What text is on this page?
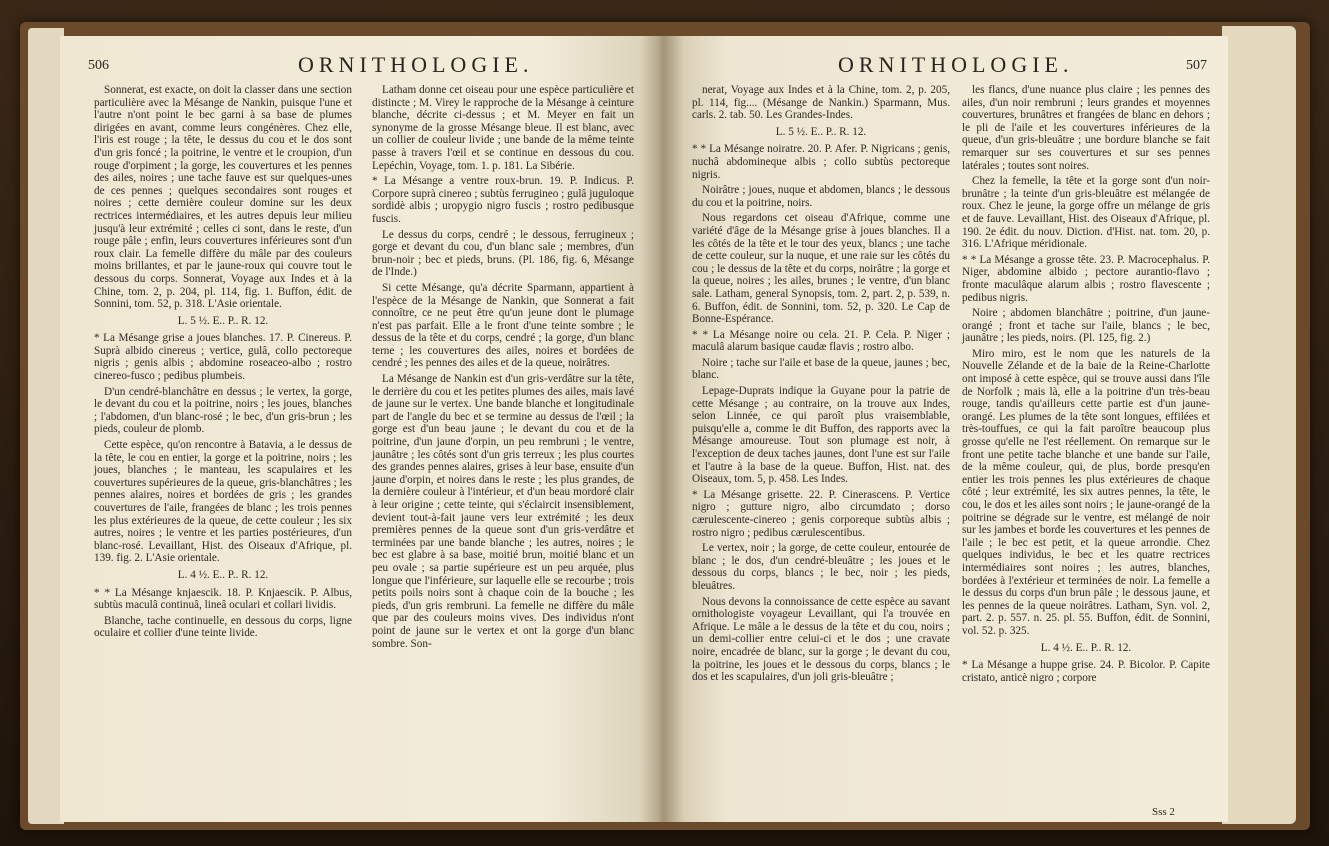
506	ORNITHOLOGIE.	507
ORNITHOLOGIE.

Sonnerat, est exacte, on doit la classer dans une section particulière avec la Mésange de Nankin, puisque l'une et l'autre n'ont point le bec garni à sa base de plumes dirigées en avant, comme leurs congénères. Chez elle, l'iris est rouge ; la tête, le dessus du cou et le dos sont d'un gris foncé ; la poitrine, le ventre et le croupion, d'un rouge d'orpiment ; la gorge, les couvertures et les pennes des ailes, noires ; une tache fauve est sur quelques-unes de ces pennes ; quelques secondaires sont rouges et noires ; cette dernière couleur domine sur les deux rectrices intermédiaires, et les autres depuis leur milieu jusqu'à leur extrémité ; celles ci sont, dans le reste, d'un rouge pâle ; enfin, leurs couvertures inférieures sont d'un roux clair. La femelle diffère du mâle par des couleurs moins brillantes, et par le jaune-roux qui couvre tout le dessous du corps. Sonnerat, Voyage aux Indes et à la Chine, tom. 2, p. 204, pl. 114, fig. 1. Buffon, édit. de Sonnini, tom. 52, p. 318. L'Asie orientale.

L. 5 ½. E.. P.. R. 12.

* La Mésange grise a joues blanches. 17. P. Cinereus. P. Suprà albido cinereus ; vertice, gulâ, collo pectoreque nigris ; genis albis ; abdomine roseaceo-albo ; rostro cinereo-fusco ; pedibus plumbeis.

D'un cendré-blanchâtre en dessus ; le vertex, la gorge, le devant du cou et la poitrine, noirs ; les joues, blanches ; l'abdomen, d'un blanc-rosé ; le bec, d'un gris-brun ; les pieds, couleur de plomb.

Cette espèce, qu'on rencontre à Batavia, a le dessus de la tête, le cou en entier, la gorge et la poitrine, noirs ; les joues, blanches ; le manteau, les scapulaires et les couvertures supérieures de la queue, gris-blanchâtres ; les pennes alaires, noires et bordées de gris ; les grandes couvertures de l'aile, frangées de blanc ; les trois pennes les plus extérieures de la queue, de cette couleur ; les six autres, noires ; le ventre et les parties postérieures, d'un blanc-rosé. Levaillant, Hist. des Oiseaux d'Afrique, pl. 139. fig. 2. L'Asie orientale.

L. 4 ½. E.. P.. R. 12.

* * La Mésange knjaescik. 18. P. Knjaescik. P. Albus, subtùs maculâ continuâ, lineâ oculari et collari lividis.

Blanche, tache continuelle, en dessous du corps, ligne oculaire et collier d'une teinte livide.

Latham donne cet oiseau pour une espèce particulière et distincte ; M. Virey le rapproche de la Mésange à ceinture blanche, décrite ci-dessus ; et M. Meyer en fait un synonyme de la grosse Mésange bleue. Il est blanc, avec un collier de couleur livide ; une bande de la même teinte passe à travers l'œil et se continue en dessous du cou. Lepéchin, Voyage, tom. 1. p. 181. La Sibérie.

* La Mésange a ventre roux-brun. 19. P. Indicus. P. Corpore suprà cinereo ; subtùs ferrugineo ; gulâ juguloque sordidè albis ; uropygio nigro fuscis ; rostro pedibusque fuscis.

Le dessus du corps, cendré ; le dessous, ferrugineux ; gorge et devant du cou, d'un blanc sale ; membres, d'un brun-noir ; bec et pieds, bruns. (Pl. 186, fig. 6, Mésange de l'Inde.)

Si cette Mésange, qu'a décrite Sparmann, appartient à l'espèce de la Mésange de Nankin, que Sonnerat a fait connoître, ce ne peut être qu'un jeune dont le plumage n'est pas parfait. Elle a le front d'une teinte sombre ; le dessus de la tête et du corps, cendré ; la gorge, d'un blanc terne ; les couvertures des ailes, noires et bordées de cendré ; les pennes des ailes et de la queue, noirâtres.

La Mésange de Nankin est d'un gris-verdâtre sur la tête, le derrière du cou et les petites plumes des ailes, mais lavé de jaune sur le vertex. Une bande blanche et longitudinale part de l'angle du bec et se termine au dessus de l'œil ; la gorge est d'un beau jaune ; le devant du cou et de la poitrine, d'un jaune d'orpin, un peu rembruni ; le ventre, jaunâtre ; les côtés sont d'un gris terreux ; les plus courtes des grandes pennes alaires, grises à leur base, ensuite d'un jaune d'orpin, et noires dans le reste ; les plus grandes, de la dernière couleur à l'intérieur, et d'un beau mordoré clair à leur origine ; cette teinte, qui s'éclaircit insensiblement, devient tout-à-fait jaune vers leur extrémité ; les deux premières pennes de la queue sont d'un gris-verdâtre et terminées par une bande blanche ; les autres, noires ; le bec est glabre à sa base, moitié brun, moitié blanc et un peu ovale ; sa partie supérieure est un peu arquée, plus longue que l'inférieure, sur laquelle elle se recourbe ; trois petits poils noirs sont à chaque coin de la bouche ; les pieds, d'un gris rembruni. La femelle ne diffère du mâle que par des couleurs moins vives. Des individus n'ont point de jaune sur le vertex et ont la gorge d'un blanc sombre. Son-

nerat, Voyage aux Indes et à la Chine, tom. 2, p. 205, pl. 114, fig.... (Mésange de Nankin.) Sparmann, Mus. carls. 2. tab. 50. Les Grandes-Indes.

L. 5 ½. E.. P.. R. 12.

* * La Mésange noiratre. 20. P. Afer. P. Nigricans ; genis, nuchâ abdomineque albis ; collo subtùs pectoreque nigris.

Noirâtre ; joues, nuque et abdomen, blancs ; le dessous du cou et la poitrine, noirs.

Nous regardons cet oiseau d'Afrique, comme une variété d'âge de la Mésange grise à joues blanches. Il a les côtés de la tête et le tour des yeux, blancs ; une tache de cette couleur, sur la nuque, et une raie sur les côtés du cou ; le dessus de la tête et du corps, noirâtre ; la gorge et la queue, noires ; les ailes, brunes ; le ventre, d'un blanc sale. Latham, general Synopsis, tom. 2, part. 2, p. 539, n. 6. Buffon, édit. de Sonnini, tom. 52, p. 320. Le Cap de Bonne-Espérance.

* * La Mésange noire ou cela. 21. P. Cela. P. Niger ; maculâ alarum basique caudæ flavis ; rostro albo.

Noire ; tache sur l'aile et base de la queue, jaunes ; bec, blanc.

Lepage-Duprats indique la Guyane pour la patrie de cette Mésange ; au contraire, on la trouve aux Indes, selon Linnée, ce qui paroît plus vraisemblable, puisqu'elle a, comme le dit Buffon, des rapports avec la Mésange amoureuse. Tout son plumage est noir, à l'exception de deux taches jaunes, dont l'une est sur l'aile et l'autre à la base de la queue. Buffon, Hist. nat. des Oiseaux, tom. 5, p. 458. Les Indes.

* La Mésange grisette. 22. P. Cinerascens. P. Vertice nigro ; gutture nigro, albo circumdato ; dorso cærulescente-cinereo ; genis corporeque subtùs albis ; rostro nigro ; pedibus cærulescentibus.

Le vertex, noir ; la gorge, de cette couleur, entourée de blanc ; le dos, d'un cendré-bleuâtre ; les joues et le dessous du corps, blancs ; le bec, noir ; les pieds, bleuâtres.

Nous devons la connoissance de cette espèce au savant ornithologiste voyageur Levaillant, qui l'a trouvée en Afrique. Le mâle a le dessus de la tête et du cou, noirs ; un demi-collier entre celui-ci et le dos ; une cravate noire, encadrée de blanc, sur la gorge ; le devant du cou, la poitrine, les joues et le dessous du corps, blancs ; le dos et les scapulaires, d'un joli gris-bleuâtre ;

les flancs, d'une nuance plus claire ; les pennes des ailes, d'un noir rembruni ; leurs grandes et moyennes couvertures, brunâtres et frangées de blanc en dehors ; le pli de l'aile et les couvertures inférieures de la queue, d'un gris-bleuâtre ; une bordure blanche se fait remarquer sur ses couvertures et sur ses pennes latérales ; toutes sont noires.

Chez la femelle, la tête et la gorge sont d'un noir-brunâtre ; la teinte d'un gris-bleuâtre est mélangée de roux. Chez le jeune, la gorge offre un mélange de gris et de fauve. Levaillant, Hist. des Oiseaux d'Afrique, pl. 190. 2e édit. du nouv. Diction. d'Hist. nat. tom. 20, p. 316. L'Afrique méridionale.

* * La Mésange a grosse tête. 23. P. Macrocephalus. P. Niger, abdomine albido ; pectore aurantio-flavo ; fronte maculâque alarum albis ; rostro flavescente ; pedibus nigris.

Noire ; abdomen blanchâtre ; poitrine, d'un jaune-orangé ; front et tache sur l'aile, blancs ; le bec, jaunâtre ; les pieds, noirs. (Pl. 125, fig. 2.)

Miro miro, est le nom que les naturels de la Nouvelle Zélande et de la baie de la Reine-Charlotte ont imposé à cette espèce, qui se trouve aussi dans l'île de Norfolk ; mais là, elle a la poitrine d'un très-beau rouge, tandis qu'ailleurs cette partie est d'un jaune-orangé. Les plumes de la tête sont longues, effilées et très-touffues, ce qui la fait paroître beaucoup plus grosse qu'elle ne l'est réellement. On remarque sur le front une petite tache blanche et une bande sur l'aile, de la même couleur, qui, de plus, borde presqu'en entier les trois pennes les plus extérieures de chaque côté ; leur extrémité, les six autres pennes, la tête, le cou, le dos et les ailes sont noirs ; le jaune-orangé de la poitrine se dégrade sur le ventre, est mélangé de noir sur les jambes et borde les couvertures et les pennes de l'aile ; le bec est petit, et la queue arrondie. Chez quelques individus, le bec et les quatre rectrices intermédiaires sont noires ; les autres, blanches, bordées à l'extérieur et terminées de noir. La femelle a le dessus du corps d'un brun pâle ; le dessous jaune, et les pennes de la queue noirâtres. Latham, Syn. vol. 2, part. 2. p. 557. n. 25. pl. 55. Buffon, édit. de Sonnini, vol. 52. p. 325.

L. 4 ½. E.. P.. R. 12.

* La Mésange a huppe grise. 24. P. Bicolor. P. Capite cristato, anticè nigro ; corpore

Sss 2
